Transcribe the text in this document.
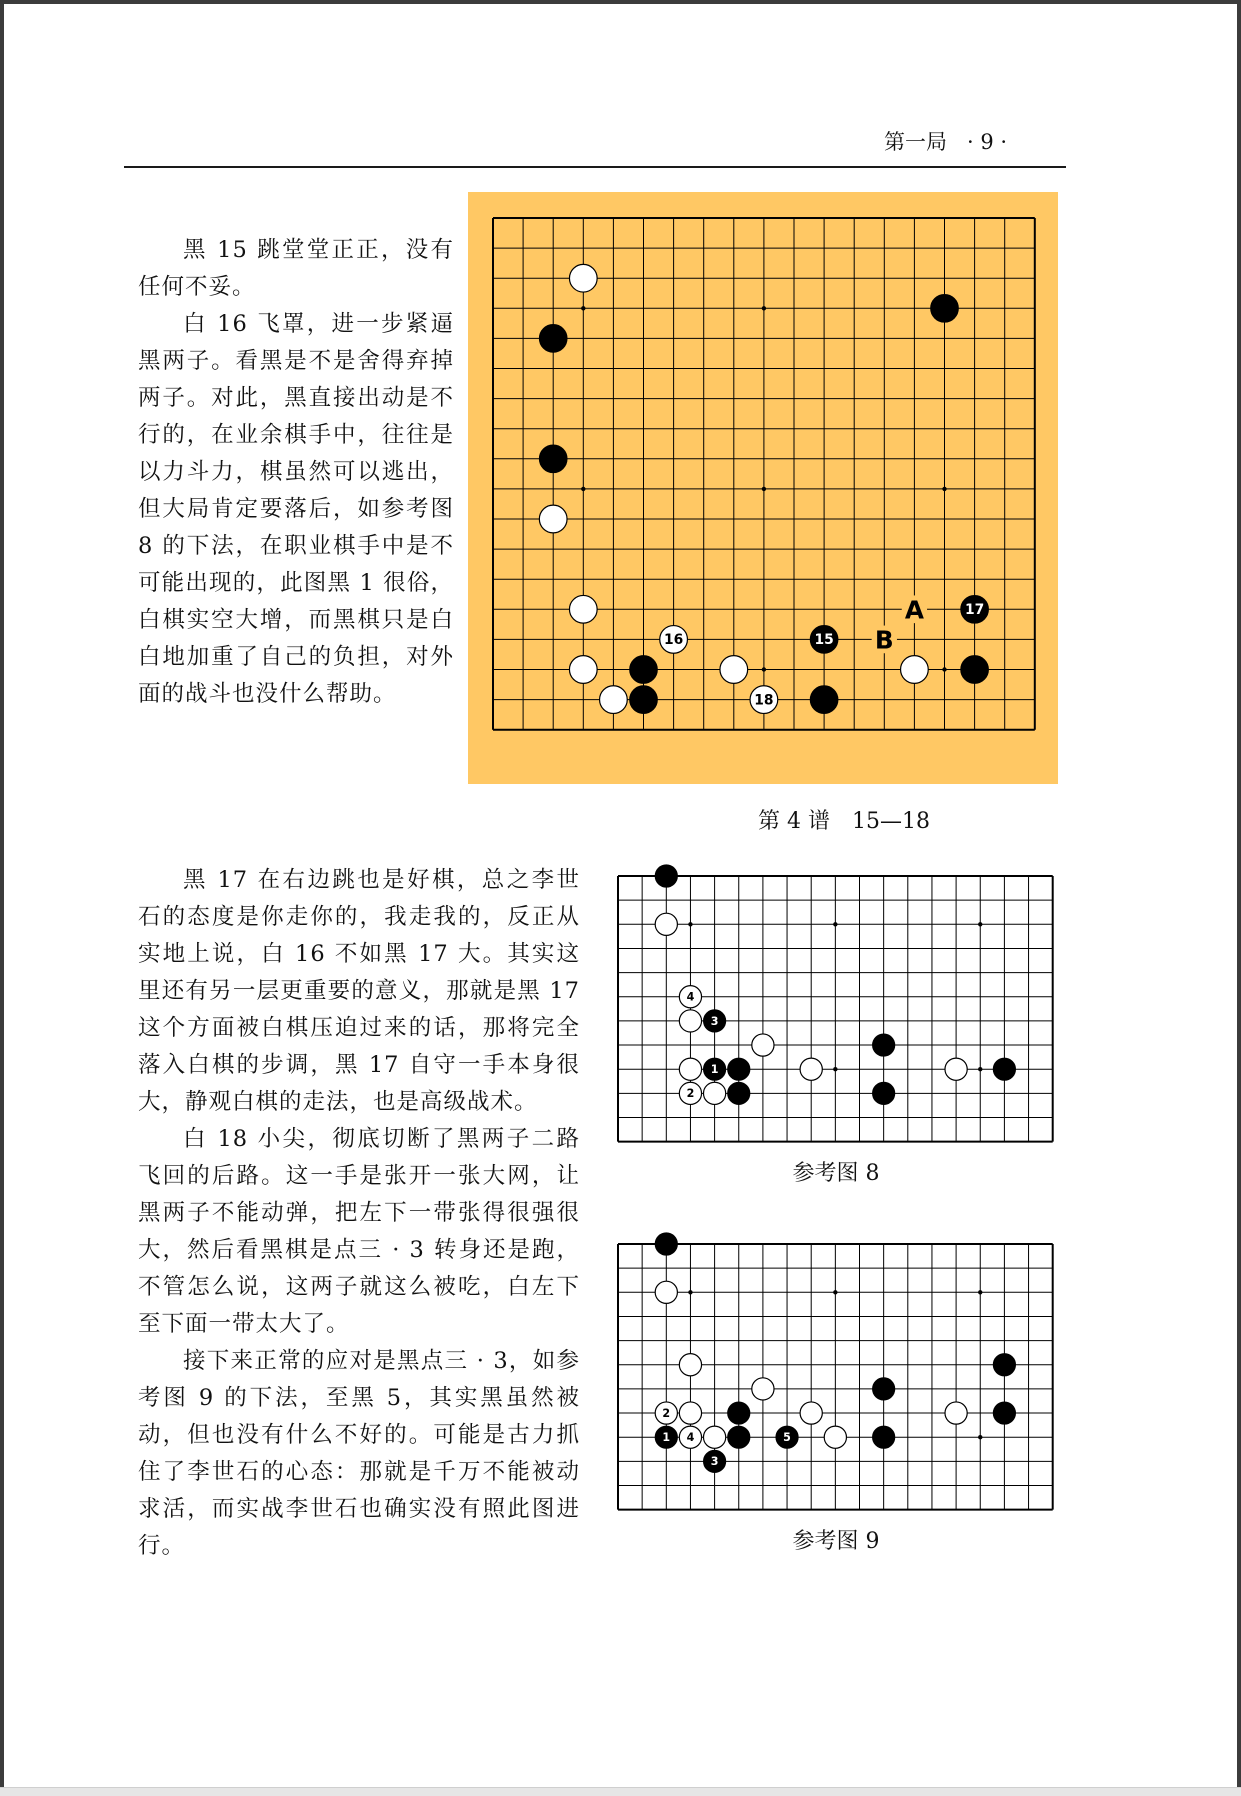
第一局 · 9 ·

黑 15 跳堂堂正正，没有任何不妥。

白 16 飞罩，进一步紧逼黑两子。看黑是不是舍得弃掉两子。对此，黑直接出动是不行的，在业余棋手中，往往是以力斗力，棋虽然可以逃出，但大局肯定要落后，如参考图 8 的下法，在职业棋手中是不可能出现的，此图黑 1 很俗，白棋实空大增，而黑棋只是白白地加重了自己的负担，对外面的战斗也没什么帮助。

17
16	15
18
A
B
第 4 谱　15—18

黑 17 在右边跳也是好棋，总之李世石的态度是你走你的，我走我的，反正从实地上说，白 16 不如黑 17 大。其实这里还有另一层更重要的意义，那就是黑 17 这个方面被白棋压迫过来的话，那将完全落入白棋的步调，黑 17 自守一手本身很大，静观白棋的走法，也是高级战术。

白 18 小尖，彻底切断了黑两子二路飞回的后路。这一手是张开一张大网，让黑两子不能动弹，把左下一带张得很强很大，然后看黑棋是点三 · 3 转身还是跑，不管怎么说，这两子就这么被吃，白左下至下面一带太大了。

接下来正常的应对是黑点三 · 3，如参考图 9 的下法，至黑 5，其实黑虽然被动，但也没有什么不好的。可能是古力抓住了李世石的心态：那就是千万不能被动求活，而实战李世石也确实没有照此图进行。

4
3
1
2
参考图 8
2
1 4	5
3
参考图 9
